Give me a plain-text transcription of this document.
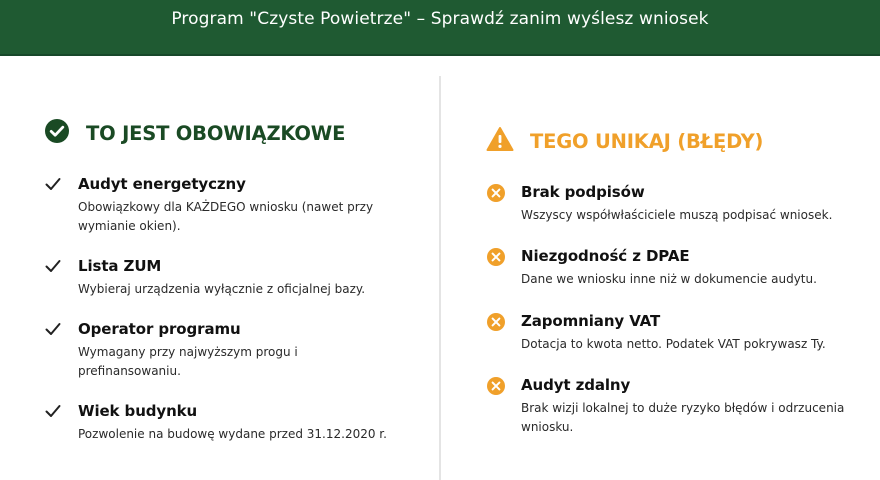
Program "Czyste Powietrze" – Sprawdź zanim wyślesz wniosek
TO JEST OBOWIĄZKOWE
Audyt energetyczny
Obowiązkowy dla KAŻDEGO wniosku (nawet przy wymianie okien).
Lista ZUM
Wybieraj urządzenia wyłącznie z oficjalnej bazy.
Operator programu
Wymagany przy najwyższym progu i prefinansowaniu.
Wiek budynku
Pozwolenie na budowę wydane przed 31.12.2020 r.
TEGO UNIKAJ (BŁĘDY)
Brak podpisów
Wszyscy współwłaściciele muszą podpisać wniosek.
Niezgodność z DPAE
Dane we wniosku inne niż w dokumencie audytu.
Zapomniany VAT
Dotacja to kwota netto. Podatek VAT pokrywasz Ty.
Audyt zdalny
Brak wizji lokalnej to duże ryzyko błędów i odrzucenia wniosku.
